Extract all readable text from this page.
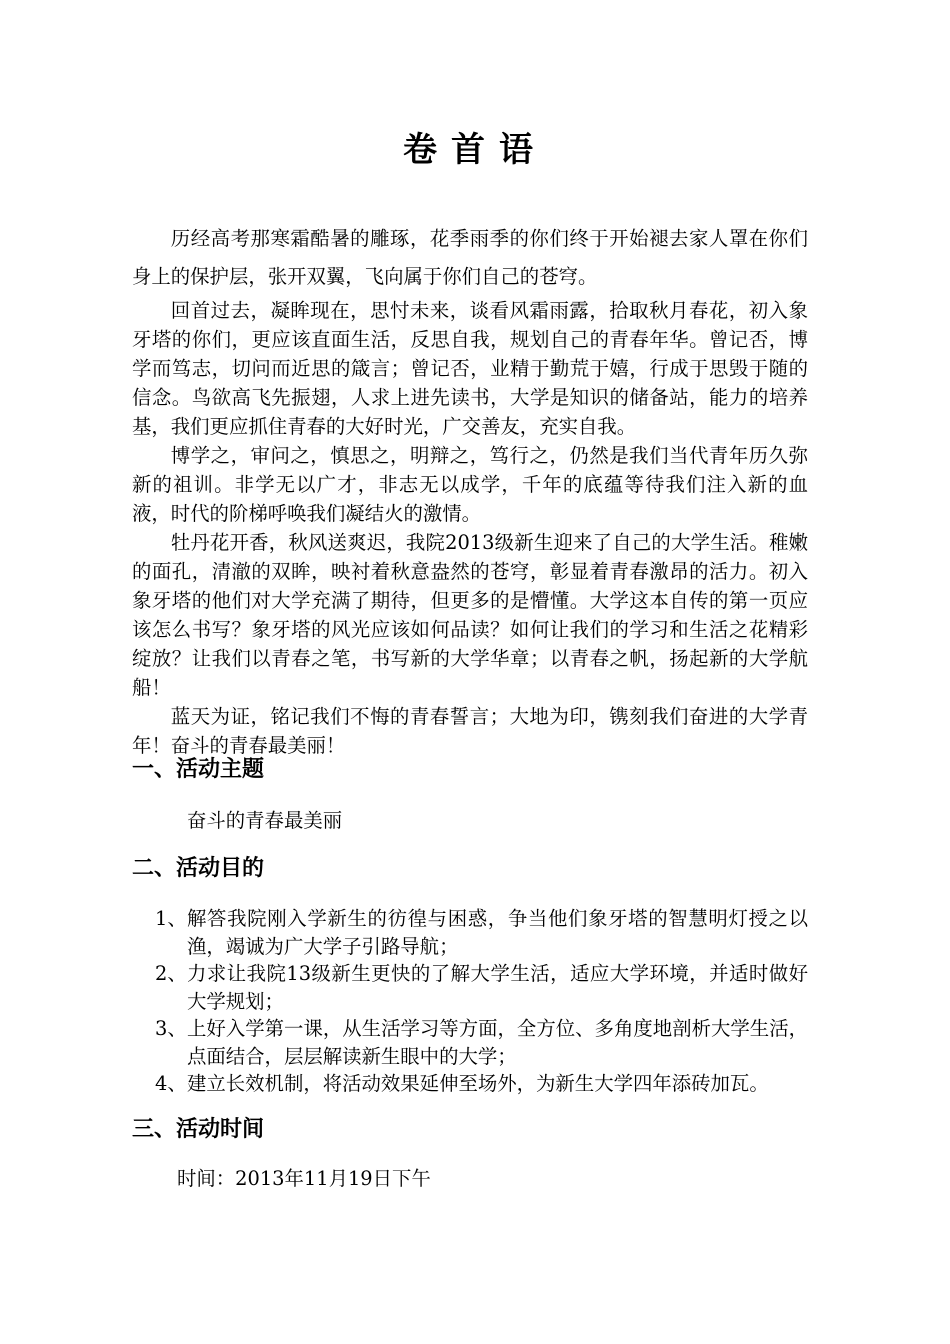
卷首语

历经高考那寒霜酷暑的雕琢，花季雨季的你们终于开始褪去家人罩在你们身上的保护层，张开双翼，飞向属于你们自己的苍穹。

回首过去，凝眸现在，思忖未来，谈看风霜雨露，拾取秋月春花，初入象牙塔的你们，更应该直面生活，反思自我，规划自己的青春年华。曾记否，博学而笃志，切问而近思的箴言；曾记否，业精于勤荒于嬉，行成于思毁于随的信念。鸟欲高飞先振翅，人求上进先读书，大学是知识的储备站，能力的培养基，我们更应抓住青春的大好时光，广交善友，充实自我。

博学之，审问之，慎思之，明辩之，笃行之，仍然是我们当代青年历久弥新的祖训。非学无以广才，非志无以成学，千年的底蕴等待我们注入新的血液，时代的阶梯呼唤我们凝结火的激情。

牡丹花开香，秋风送爽迟，我院2013级新生迎来了自己的大学生活。稚嫩的面孔，清澈的双眸，映衬着秋意盎然的苍穹，彰显着青春激昂的活力。初入象牙塔的他们对大学充满了期待，但更多的是懵懂。大学这本自传的第一页应该怎么书写？象牙塔的风光应该如何品读？如何让我们的学习和生活之花精彩绽放？让我们以青春之笔，书写新的大学华章；以青春之帆，扬起新的大学航船！

蓝天为证，铭记我们不悔的青春誓言；大地为印，镌刻我们奋进的大学青年！奋斗的青春最美丽！

一、活动主题
奋斗的青春最美丽
二、活动目的
1、 解答我院刚入学新生的彷徨与困惑，争当他们象牙塔的智慧明灯授之以渔，竭诚为广大学子引路导航；
2、 力求让我院13级新生更快的了解大学生活，适应大学环境，并适时做好大学规划；
3、 上好入学第一课，从生活学习等方面，全方位、多角度地剖析大学生活，点面结合，层层解读新生眼中的大学；
4、 建立长效机制，将活动效果延伸至场外，为新生大学四年添砖加瓦。
三、活动时间
时间：2013年11月19日下午
